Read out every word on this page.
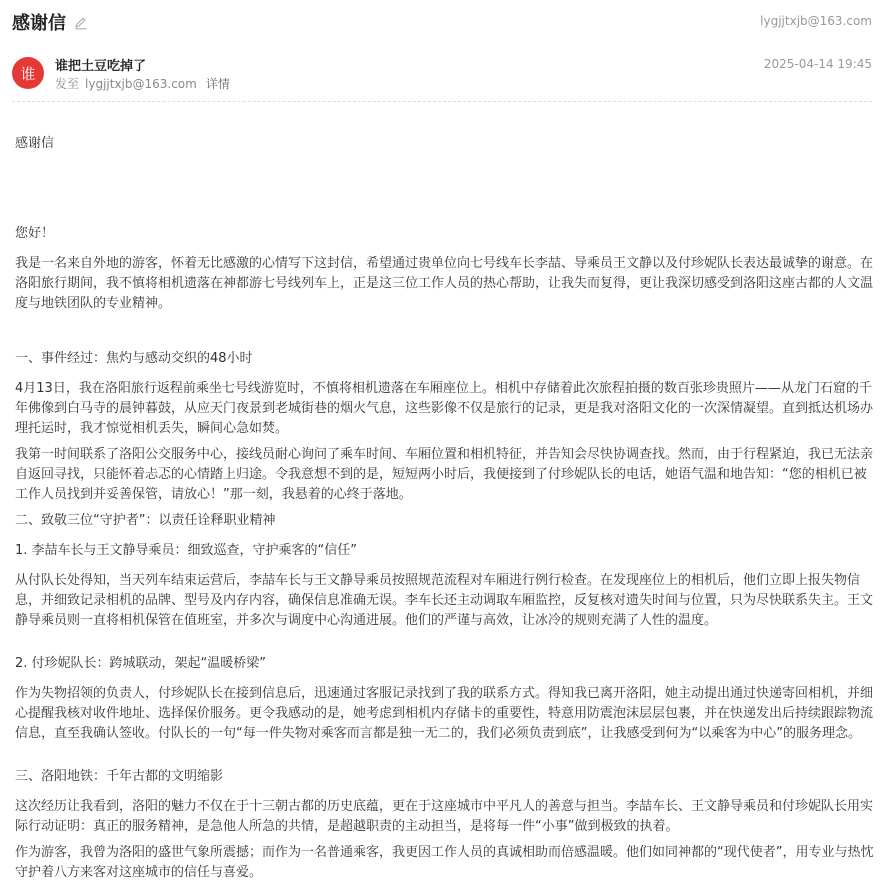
感谢信	lygjjtxjb@163.com
谁	谁把土豆吃掉了
发至 lygjjtxjb@163.com 详情
2025-04-14 19:45

感谢信

您好！

我是一名来自外地的游客，怀着无比感激的心情写下这封信，希望通过贵单位向七号线车长李喆、导乘员王文静以及付珍妮队长表达最诚挚的谢意。在洛阳旅行期间，我不慎将相机遗落在神都游七号线列车上，正是这三位工作人员的热心帮助，让我失而复得，更让我深切感受到洛阳这座古都的人文温度与地铁团队的专业精神。

一、事件经过：焦灼与感动交织的48小时

4月13日，我在洛阳旅行返程前乘坐七号线游览时，不慎将相机遗落在车厢座位上。相机中存储着此次旅程拍摄的数百张珍贵照片——从龙门石窟的千年佛像到白马寺的晨钟暮鼓，从应天门夜景到老城街巷的烟火气息，这些影像不仅是旅行的记录，更是我对洛阳文化的一次深情凝望。直到抵达机场办理托运时，我才惊觉相机丢失，瞬间心急如焚。

我第一时间联系了洛阳公交服务中心，接线员耐心询问了乘车时间、车厢位置和相机特征，并告知会尽快协调查找。然而，由于行程紧迫，我已无法亲自返回寻找，只能怀着忐忑的心情踏上归途。令我意想不到的是，短短两小时后，我便接到了付珍妮队长的电话，她语气温和地告知：“您的相机已被工作人员找到并妥善保管，请放心！”那一刻，我悬着的心终于落地。

二、致敬三位“守护者”：以责任诠释职业精神

1. 李喆车长与王文静导乘员：细致巡查，守护乘客的“信任”

从付队长处得知，当天列车结束运营后，李喆车长与王文静导乘员按照规范流程对车厢进行例行检查。在发现座位上的相机后，他们立即上报失物信息，并细致记录相机的品牌、型号及内存内容，确保信息准确无误。李车长还主动调取车厢监控，反复核对遗失时间与位置，只为尽快联系失主。王文静导乘员则一直将相机保管在值班室，并多次与调度中心沟通进展。他们的严谨与高效，让冰冷的规则充满了人性的温度。

2. 付珍妮队长：跨城联动，架起“温暖桥梁”

作为失物招领的负责人，付珍妮队长在接到信息后，迅速通过客服记录找到了我的联系方式。得知我已离开洛阳，她主动提出通过快递寄回相机，并细心提醒我核对收件地址、选择保价服务。更令我感动的是，她考虑到相机内存储卡的重要性，特意用防震泡沫层层包裹，并在快递发出后持续跟踪物流信息，直至我确认签收。付队长的一句“每一件失物对乘客而言都是独一无二的，我们必须负责到底”，让我感受到何为“以乘客为中心”的服务理念。

三、洛阳地铁：千年古都的文明缩影

这次经历让我看到，洛阳的魅力不仅在于十三朝古都的历史底蕴，更在于这座城市中平凡人的善意与担当。李喆车长、王文静导乘员和付珍妮队长用实际行动证明：真正的服务精神，是急他人所急的共情，是超越职责的主动担当，是将每一件“小事”做到极致的执着。

作为游客，我曾为洛阳的盛世气象所震撼；而作为一名普通乘客，我更因工作人员的真诚相助而倍感温暖。他们如同神都的“现代使者”，用专业与热忱守护着八方来客对这座城市的信任与喜爱。
